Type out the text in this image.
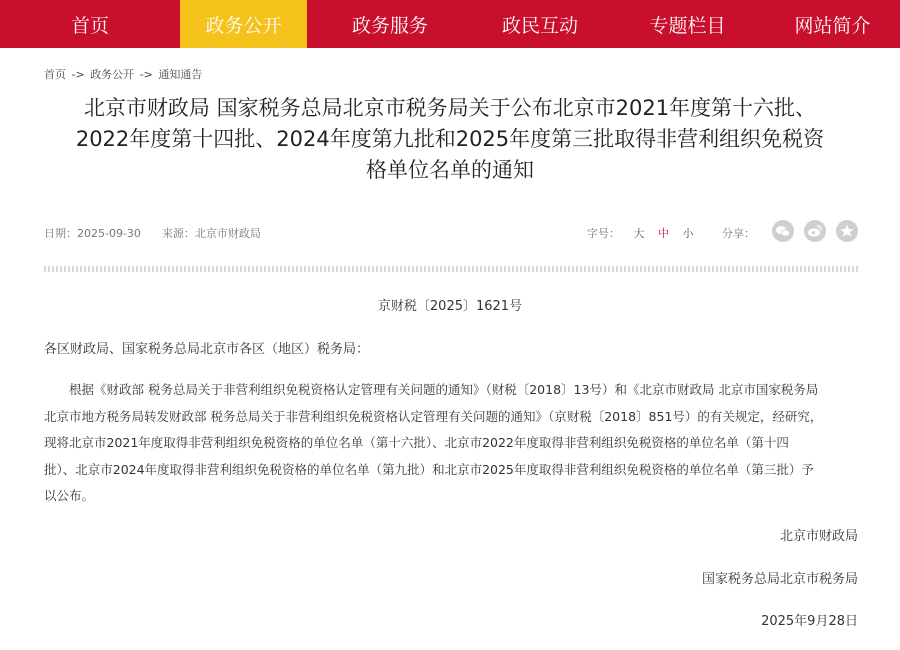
首页	政务公开	政务服务	政民互动	专题栏目	网站简介
首页 -> 政务公开 -> 通知通告
北京市财政局 国家税务总局北京市税务局关于公布北京市2021年度第十六批、
2022年度第十四批、2024年度第九批和2025年度第三批取得非营利组织免税资
格单位名单的通知
日期：2025-09-30 来源：北京市财政局	字号： 大 中 小	分享：
京财税〔2025〕1621号
各区财政局、国家税务总局北京市各区（地区）税务局：
根据《财政部 税务总局关于非营利组织免税资格认定管理有关问题的通知》（财税〔2018〕13号）和《北京市财政局 北京市国家税务局
北京市地方税务局转发财政部 税务总局关于非营利组织免税资格认定管理有关问题的通知》（京财税〔2018〕851号）的有关规定，经研究，
现将北京市2021年度取得非营利组织免税资格的单位名单（第十六批）、北京市2022年度取得非营利组织免税资格的单位名单（第十四
批）、北京市2024年度取得非营利组织免税资格的单位名单（第九批）和北京市2025年度取得非营利组织免税资格的单位名单（第三批）予
以公布。
北京市财政局
国家税务总局北京市税务局
2025年9月28日
